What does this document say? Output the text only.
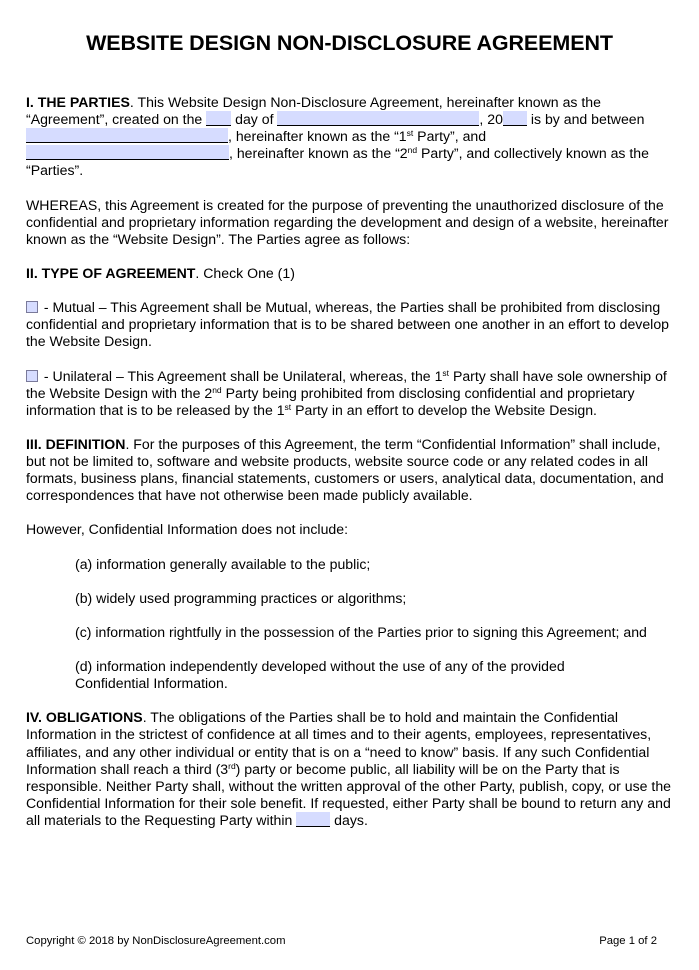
WEBSITE DESIGN NON-DISCLOSURE AGREEMENT

I. THE PARTIES. This Website Design Non-Disclosure Agreement, hereinafter known as the “Agreement”, created on the  day of	, 20 is by and between , hereinafter known as the “1st Party”, and , hereinafter known as the “2nd Party”, and collectively known as the “Parties”.

WHEREAS, this Agreement is created for the purpose of preventing the unauthorized disclosure of the confidential and proprietary information regarding the development and design of a website, hereinafter known as the “Website Design”. The Parties agree as follows:

II. TYPE OF AGREEMENT. Check One (1)

- Mutual – This Agreement shall be Mutual, whereas, the Parties shall be prohibited from disclosing confidential and proprietary information that is to be shared between one another in an effort to develop the Website Design.

- Unilateral – This Agreement shall be Unilateral, whereas, the 1st Party shall have sole ownership of the Website Design with the 2nd Party being prohibited from disclosing confidential and proprietary information that is to be released by the 1st Party in an effort to develop the Website Design.

III. DEFINITION. For the purposes of this Agreement, the term “Confidential Information” shall include, but not be limited to, software and website products, website source code or any related codes in all formats, business plans, financial statements, customers or users, analytical data, documentation, and correspondences that have not otherwise been made publicly available.

However, Confidential Information does not include:

(a) information generally available to the public;

(b) widely used programming practices or algorithms;

(c) information rightfully in the possession of the Parties prior to signing this Agreement; and

(d) information independently developed without the use of any of the provided Confidential Information.

IV. OBLIGATIONS. The obligations of the Parties shall be to hold and maintain the Confidential Information in the strictest of confidence at all times and to their agents, employees, representatives, affiliates, and any other individual or entity that is on a “need to know” basis. If any such Confidential Information shall reach a third (3rd) party or become public, all liability will be on the Party that is responsible. Neither Party shall, without the written approval of the other Party, publish, copy, or use the Confidential Information for their sole benefit. If requested, either Party shall be bound to return any and all materials to the Requesting Party within  days.

Copyright © 2018 by NonDisclosureAgreement.com	Page 1 of 2
